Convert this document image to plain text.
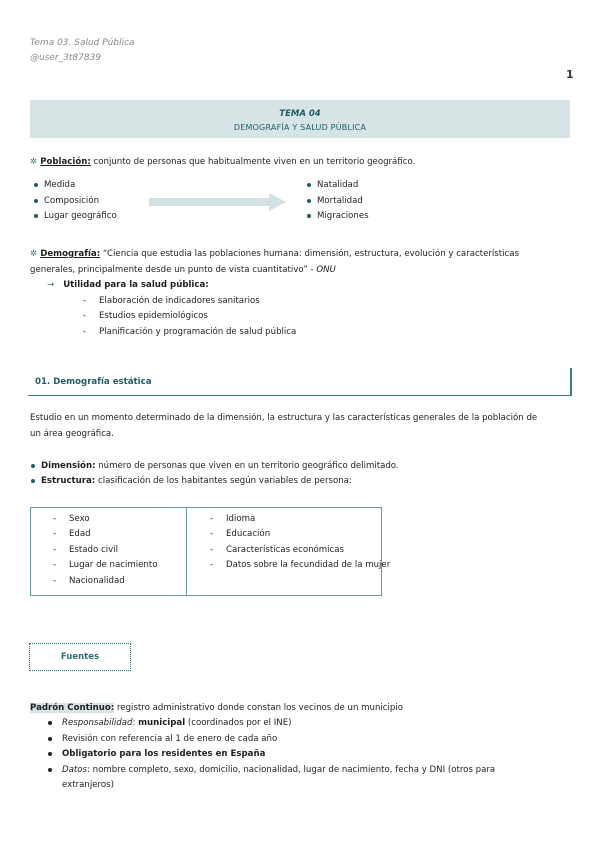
Tema 03. Salud Pública
@user_3t87839
1
TEMA 04
DEMOGRAFÍA Y SALUD PÚBLICA
✲ Población: conjunto de personas que habitualmente viven en un territorio geográfico.
Medida
Composición
Lugar geográfico
Natalidad
Mortalidad
Migraciones
✲ Demografía: “Ciencia que estudia las poblaciones humana: dimensión, estructura, evolución y características
generales, principalmente desde un punto de vista cuantitativo” - ONU
→ Utilidad para la salud pública:
- Elaboración de indicadores sanitarios
- Estudios epidemiológicos
- Planificación y programación de salud pública
01. Demografía estática
Estudio en un momento determinado de la dimensión, la estructura y las características generales de la población de
un área geográfica.
Dimensión: número de personas que viven en un territorio geográfico delimitado.
Estructura: clasificación de los habitantes según variables de persona:
- Sexo
- Edad
- Estado civil
- Lugar de nacimiento
- Nacionalidad
- Idioma
- Educación
- Características económicas
- Datos sobre la fecundidad de la mujer
Fuentes
Padrón Continuo: registro administrativo donde constan los vecinos de un municipio
Responsabilidad: municipal (coordinados por el INE)
Revisión con referencia al 1 de enero de cada año
Obligatorio para los residentes en España
Datos: nombre completo, sexo, domicilio, nacionalidad, lugar de nacimiento, fecha y DNI (otros para
extranjeros)
